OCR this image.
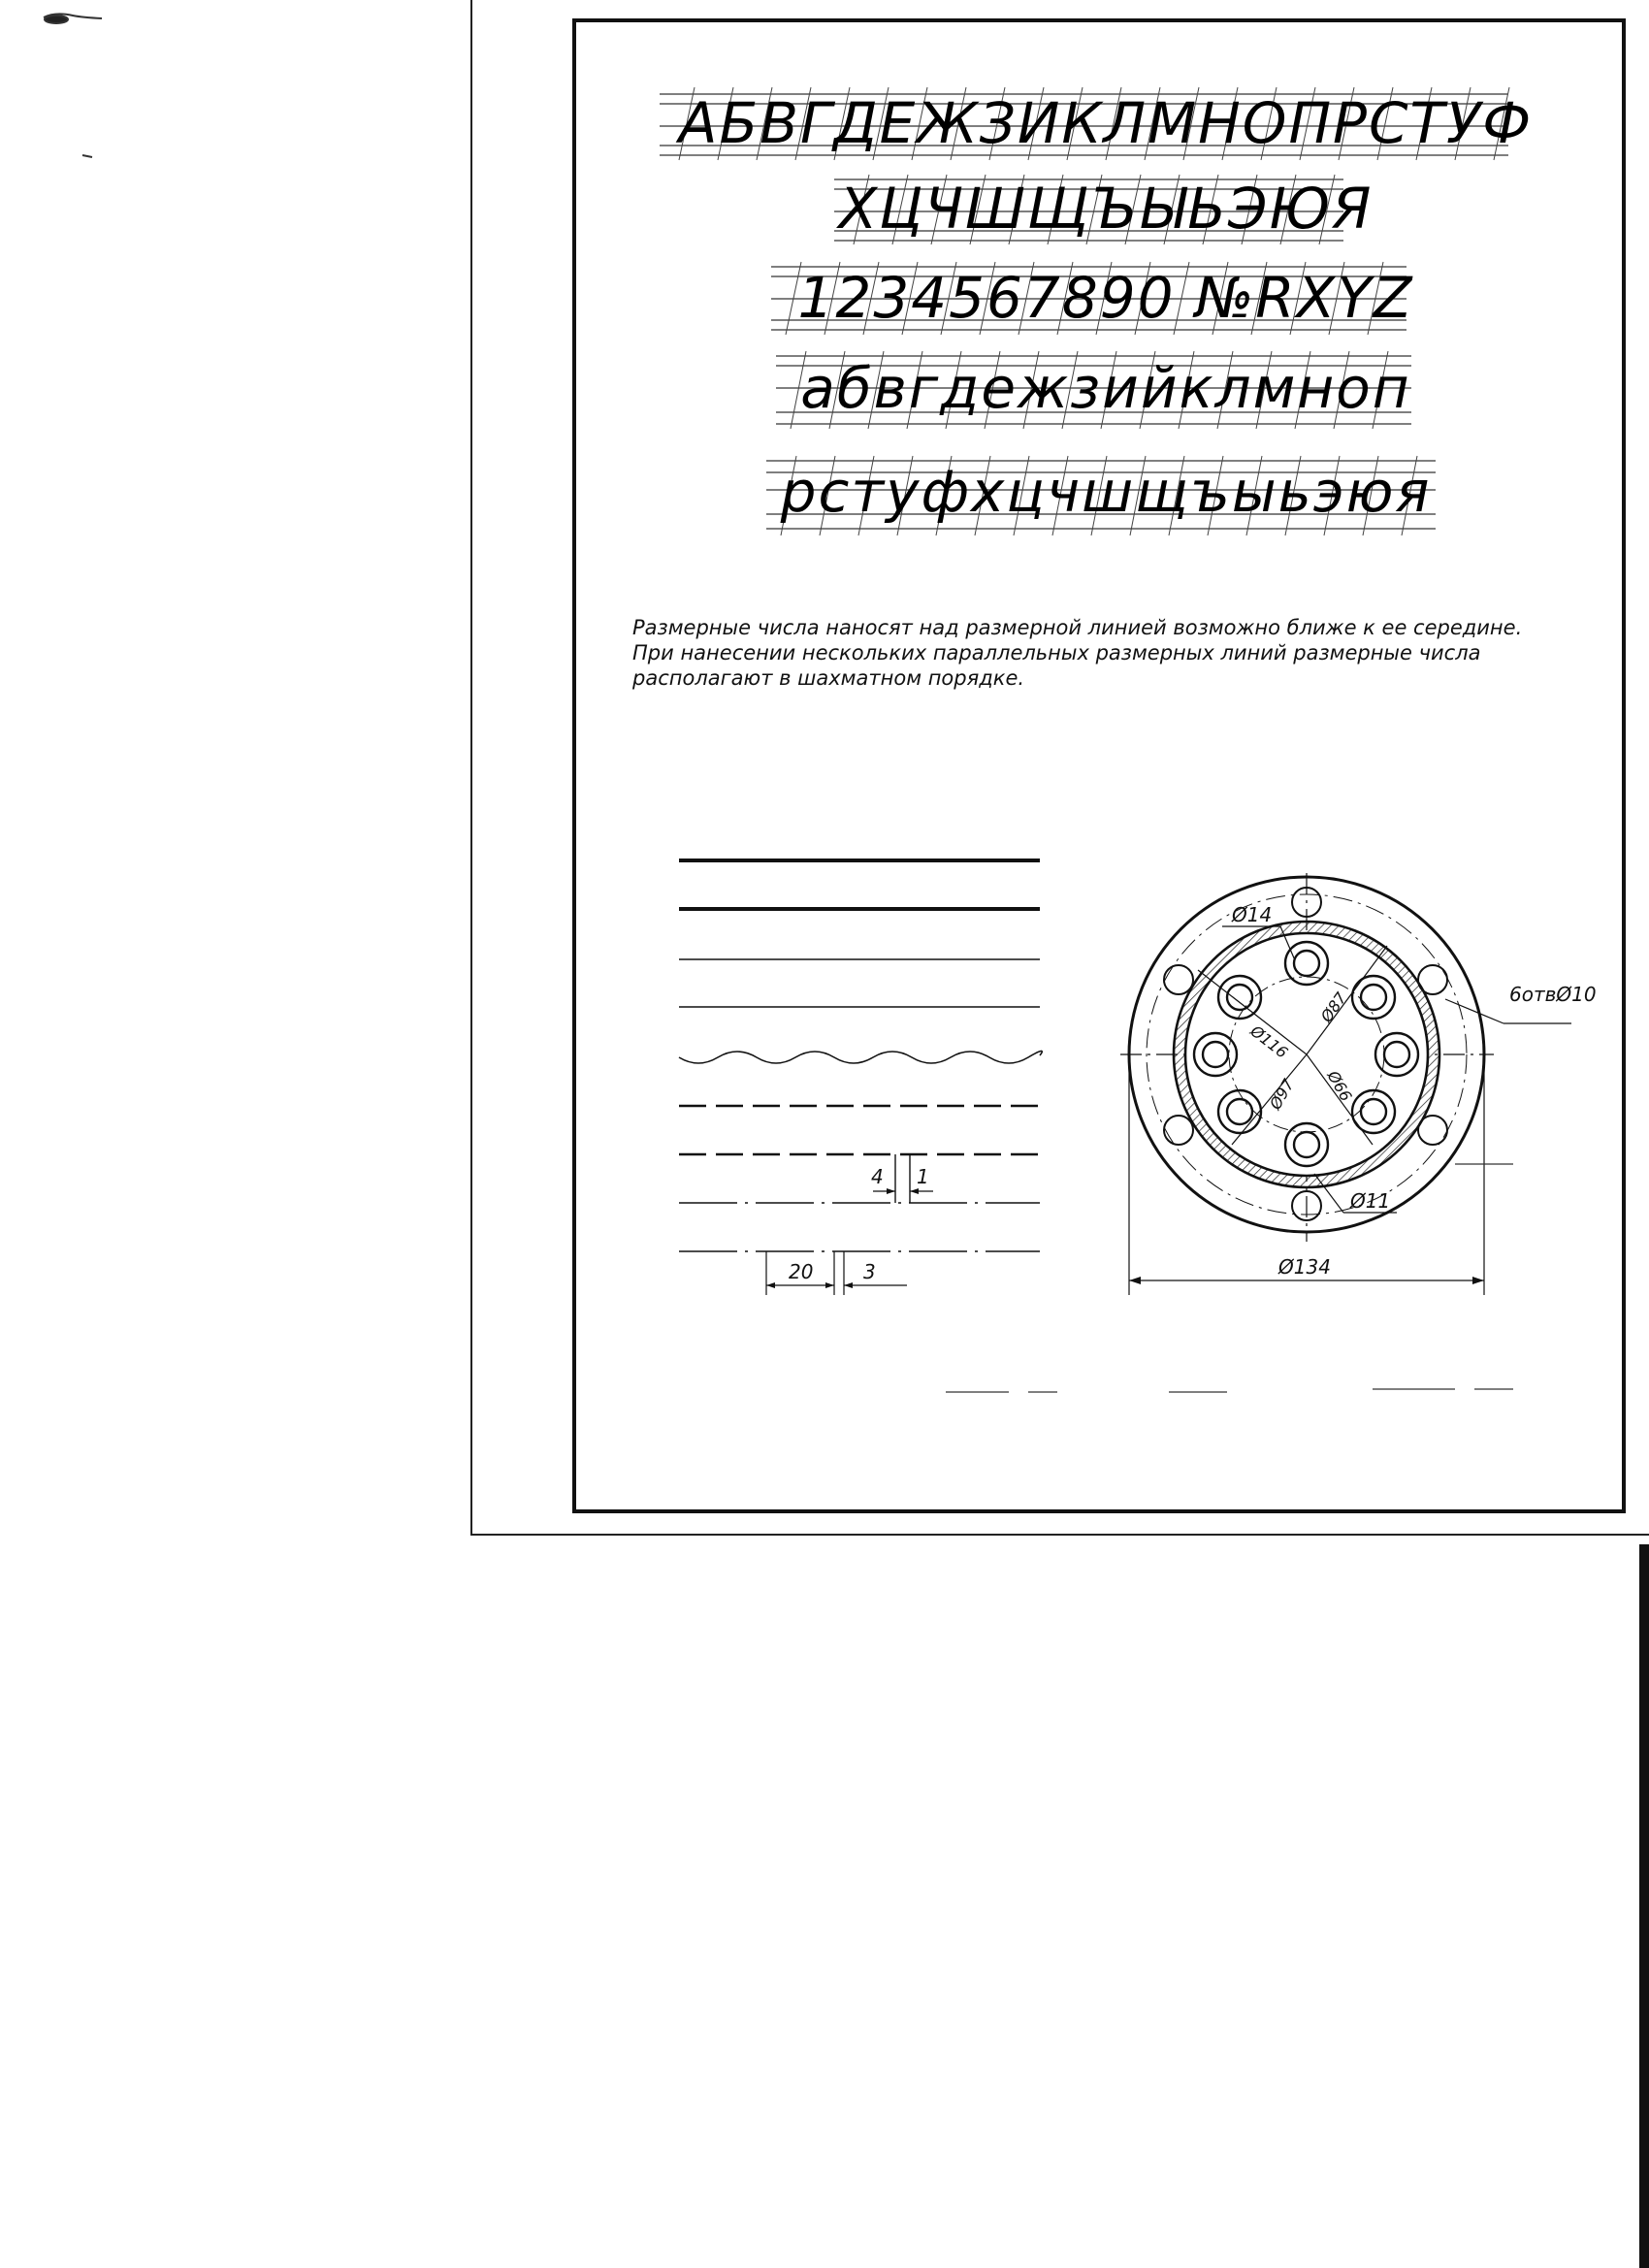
АБВГДЕЖЗИКЛМНОПРСТУФ
ХЦЧШЩЪЫЬЭЮЯ
1234567890 №RXYZ
абвгдежзийклмноп
рстуфхцчшщъыьэюя
Размерные числа наносят над размерной линией возможно ближе к ее середине.
При нанесении нескольких параллельных размерных линий размерные числа
располагают в шахматном порядке.
4 1
20	3
Ø14
Ø116
Ø87
Ø97 Ø66
Ø11
Ø134
6отвØ10
